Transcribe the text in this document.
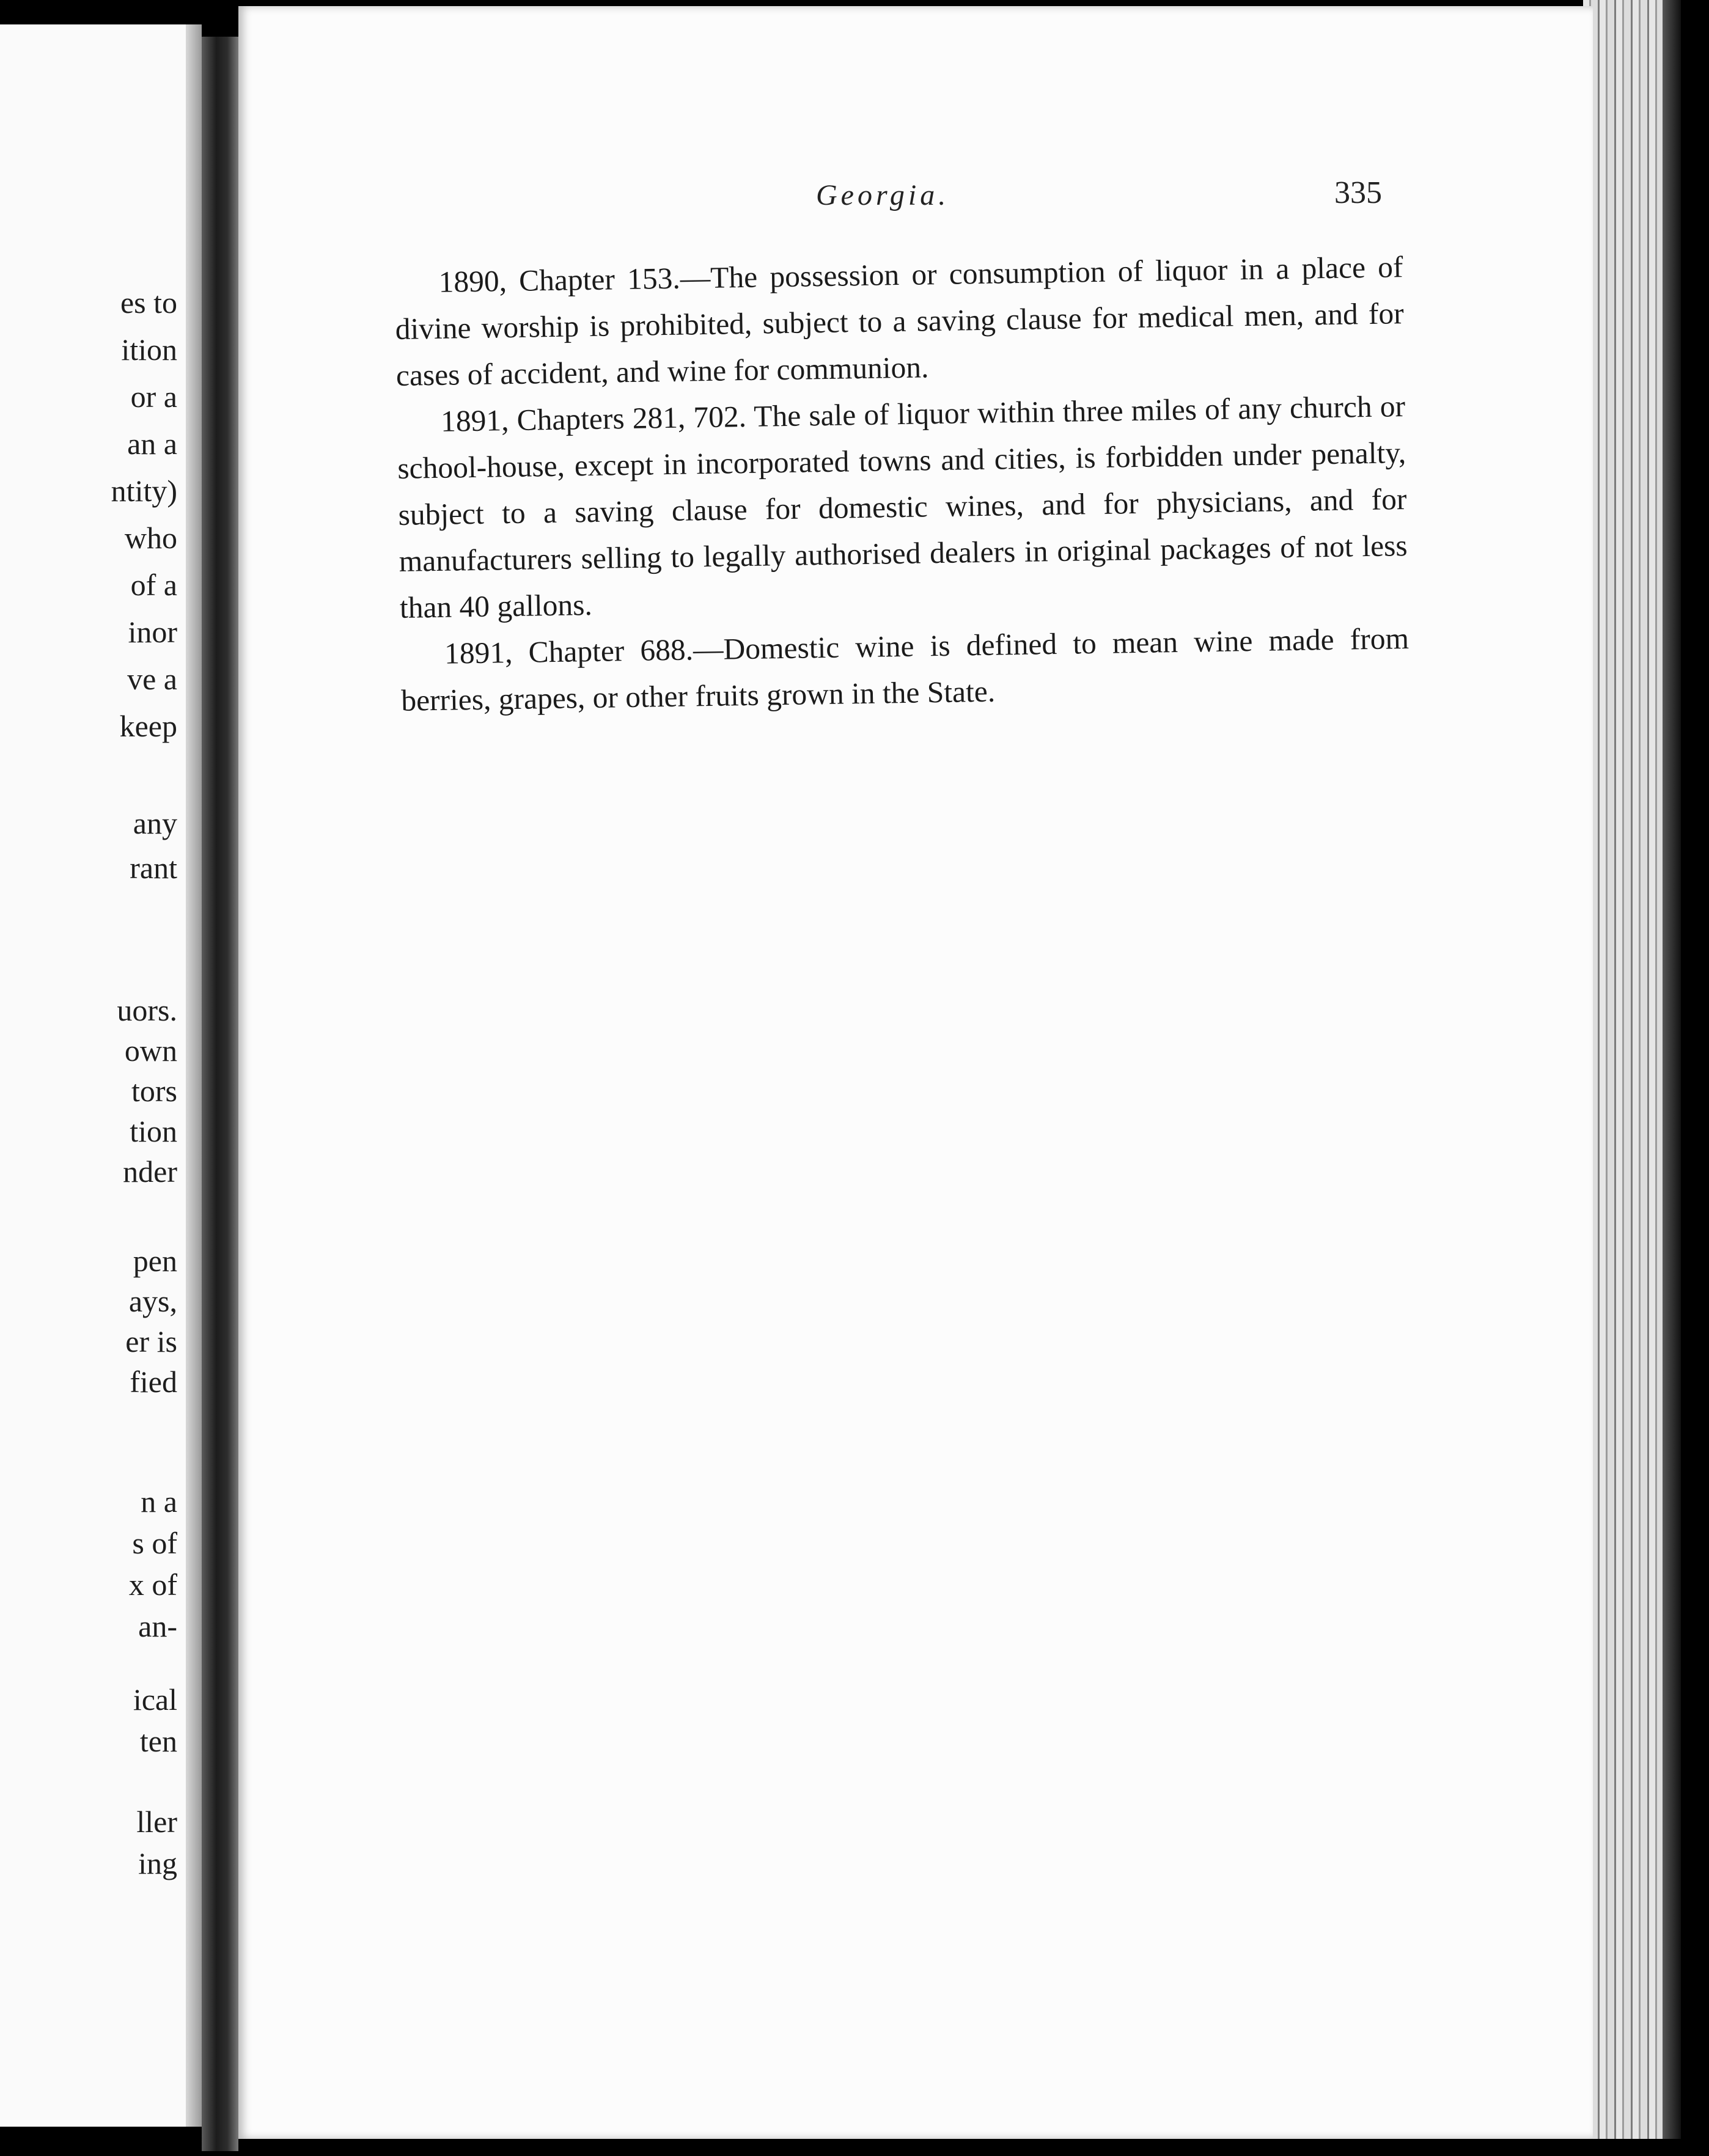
es to
ition
or a
an a
ntity)
who
of a
inor
ve a
keep
any
rant
uors.
own
tors
tion
nder
pen
ays,
er is
fied
n a
s of
x of
an-
ical
ten
ller
ing
Georgia.	335

1890, Chapter 153.—The possession or consumption of liquor in a place of divine worship is prohibited, subject to a saving clause for medical men, and for cases of accident, and wine for communion.

1891, Chapters 281, 702. The sale of liquor within three miles of any church or school-house, except in incorporated towns and cities, is forbidden under penalty, subject to a saving clause for domestic wines, and for physicians, and for manufacturers selling to legally authorised dealers in original packages of not less than 40 gallons.

1891, Chapter 688.—Domestic wine is defined to mean wine made from berries, grapes, or other fruits grown in the State.
